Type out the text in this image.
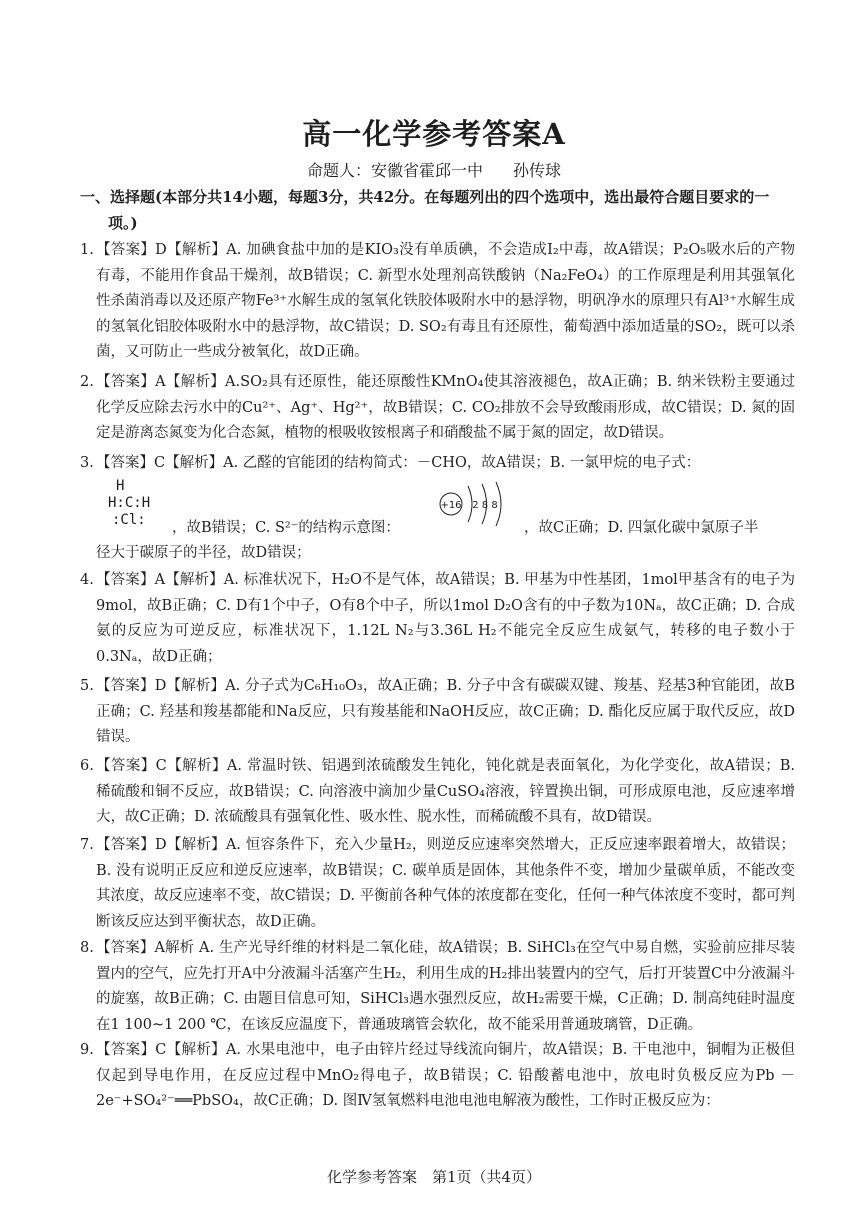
高一化学参考答案A
命题人：安徽省霍邱一中 孙传球
一、选择题(本部分共14小题，每题3分，共42分。在每题列出的四个选项中，选出最符合题目要求的一
项。)
1. 【答案】D【解析】A. 加碘食盐中加的是KIO₃没有单质碘，不会造成I₂中毒，故A错误；P₂O₅吸水后的产物有毒，不能用作食品干燥剂，故B错误；C. 新型水处理剂高铁酸钠（Na₂FeO₄）的工作原理是利用其强氧化性杀菌消毒以及还原产物Fe³⁺水解生成的氢氧化铁胶体吸附水中的悬浮物，明矾净水的原理只有Al³⁺水解生成的氢氧化铝胶体吸附水中的悬浮物，故C错误；D. SO₂有毒且有还原性，葡萄酒中添加适量的SO₂，既可以杀菌，又可防止一些成分被氧化，故D正确。
2. 【答案】A【解析】A.SO₂具有还原性，能还原酸性KMnO₄使其溶液褪色，故A正确；B. 纳米铁粉主要通过化学反应除去污水中的Cu²⁺、Ag⁺、Hg²⁺，故B错误；C. CO₂排放不会导致酸雨形成，故C错误；D. 氮的固定是游离态氮变为化合态氮，植物的根吸收铵根离子和硝酸盐不属于氮的固定，故D错误。
3. 【答案】C【解析】A. 乙醛的官能团的结构简式：－CHO，故A错误；B. 一氯甲烷的电子式：
H
H:C:H
:Cl:	，故B错误；C. S²⁻的结构示意图：
+16 2 8 8
，故C正确；D. 四氯化碳中氯原子半
径大于碳原子的半径，故D错误；
4. 【答案】A【解析】A. 标准状况下，H₂O不是气体，故A错误；B. 甲基为中性基团，1mol甲基含有的电子为9mol，故B正确；C. D有1个中子，O有8个中子，所以1mol D₂O含有的中子数为10Nₐ，故C正确；D. 合成氨的反应为可逆反应，标准状况下，1.12L N₂与3.36L H₂不能完全反应生成氨气，转移的电子数小于0.3Nₐ，故D正确；
5. 【答案】D【解析】A. 分子式为C₆H₁₀O₃，故A正确；B. 分子中含有碳碳双键、羧基、羟基3种官能团，故B正确；C. 羟基和羧基都能和Na反应，只有羧基能和NaOH反应，故C正确；D. 酯化反应属于取代反应，故D错误。
6. 【答案】C【解析】A. 常温时铁、铝遇到浓硫酸发生钝化，钝化就是表面氧化，为化学变化，故A错误；B. 稀硫酸和铜不反应，故B错误；C. 向溶液中滴加少量CuSO₄溶液，锌置换出铜，可形成原电池，反应速率增大，故C正确；D. 浓硫酸具有强氧化性、吸水性、脱水性，而稀硫酸不具有，故D错误。
7. 【答案】D【解析】A. 恒容条件下，充入少量H₂，则逆反应速率突然增大，正反应速率跟着增大，故错误；B. 没有说明正反应和逆反应速率，故B错误；C. 碳单质是固体，其他条件不变，增加少量碳单质，不能改变其浓度，故反应速率不变，故C错误；D. 平衡前各种气体的浓度都在变化，任何一种气体浓度不变时，都可判断该反应达到平衡状态，故D正确。
8. 【答案】A解析 A. 生产光导纤维的材料是二氧化硅，故A错误；B. SiHCl₃在空气中易自燃，实验前应排尽装置内的空气，应先打开A中分液漏斗活塞产生H₂，利用生成的H₂排出装置内的空气，后打开装置C中分液漏斗的旋塞，故B正确；C. 由题目信息可知，SiHCl₃遇水强烈反应，故H₂需要干燥，C正确；D. 制高纯硅时温度在1 100~1 200 ℃，在该反应温度下，普通玻璃管会软化，故不能采用普通玻璃管，D正确。
9. 【答案】C【解析】A. 水果电池中，电子由锌片经过导线流向铜片，故A错误；B. 干电池中，铜帽为正极但仅起到导电作用，在反应过程中MnO₂得电子，故B错误；C. 铅酸蓄电池中，放电时负极反应为Pb －2e⁻+SO₄²⁻══PbSO₄，故C正确；D. 图Ⅳ氢氧燃料电池电池电解液为酸性，工作时正极反应为：
化学参考答案　第1页（共4页）
